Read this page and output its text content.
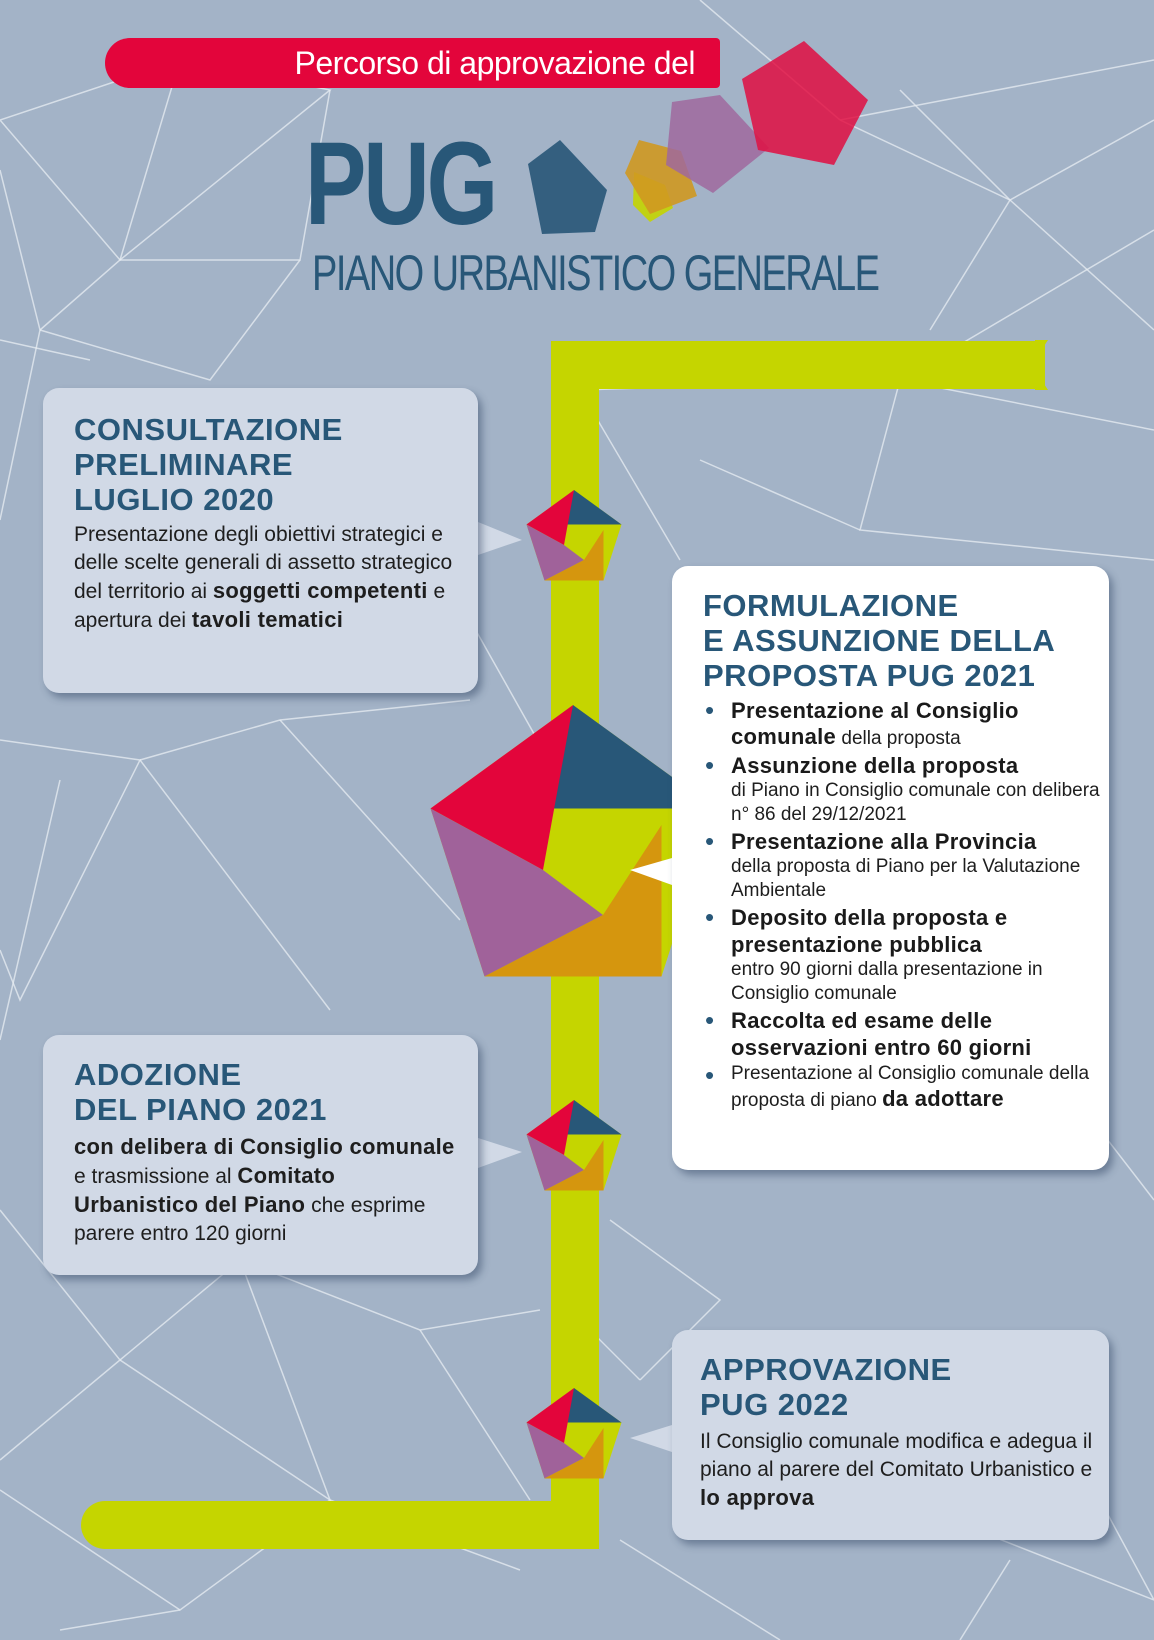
Percorso di approvazione del
PUG
PIANO URBANISTICO GENERALE
CONSULTAZIONE
PRELIMINARE
LUGLIO 2020

Presentazione degli obiettivi strategici e delle scelte generali di assetto strategico del territorio ai soggetti competenti e apertura dei tavoli tematici	FORMULAZIONE
E ASSUNZIONE DELLA
PROPOSTA PUG 2021
• Presentazione al Consiglio
comunale della proposta
• Assunzione della proposta
di Piano in Consiglio comunale con delibera n° 86 del 29/12/2021
• Presentazione alla Provincia
della proposta di Piano per la Valutazione Ambientale
• Deposito della proposta e presentazione pubblica
entro 90 giorni dalla presentazione in Consiglio comunale
• Raccolta ed esame delle osservazioni entro 60 giorni
• Presentazione al Consiglio comunale della proposta di piano da adottare
ADOZIONE
DEL PIANO 2021

con delibera di Consiglio comunale e trasmissione al Comitato Urbanistico del Piano che esprime parere entro 120 giorni

APPROVAZIONE
PUG 2022

Il Consiglio comunale modifica e adegua il piano al parere del Comitato Urbanistico e lo approva
